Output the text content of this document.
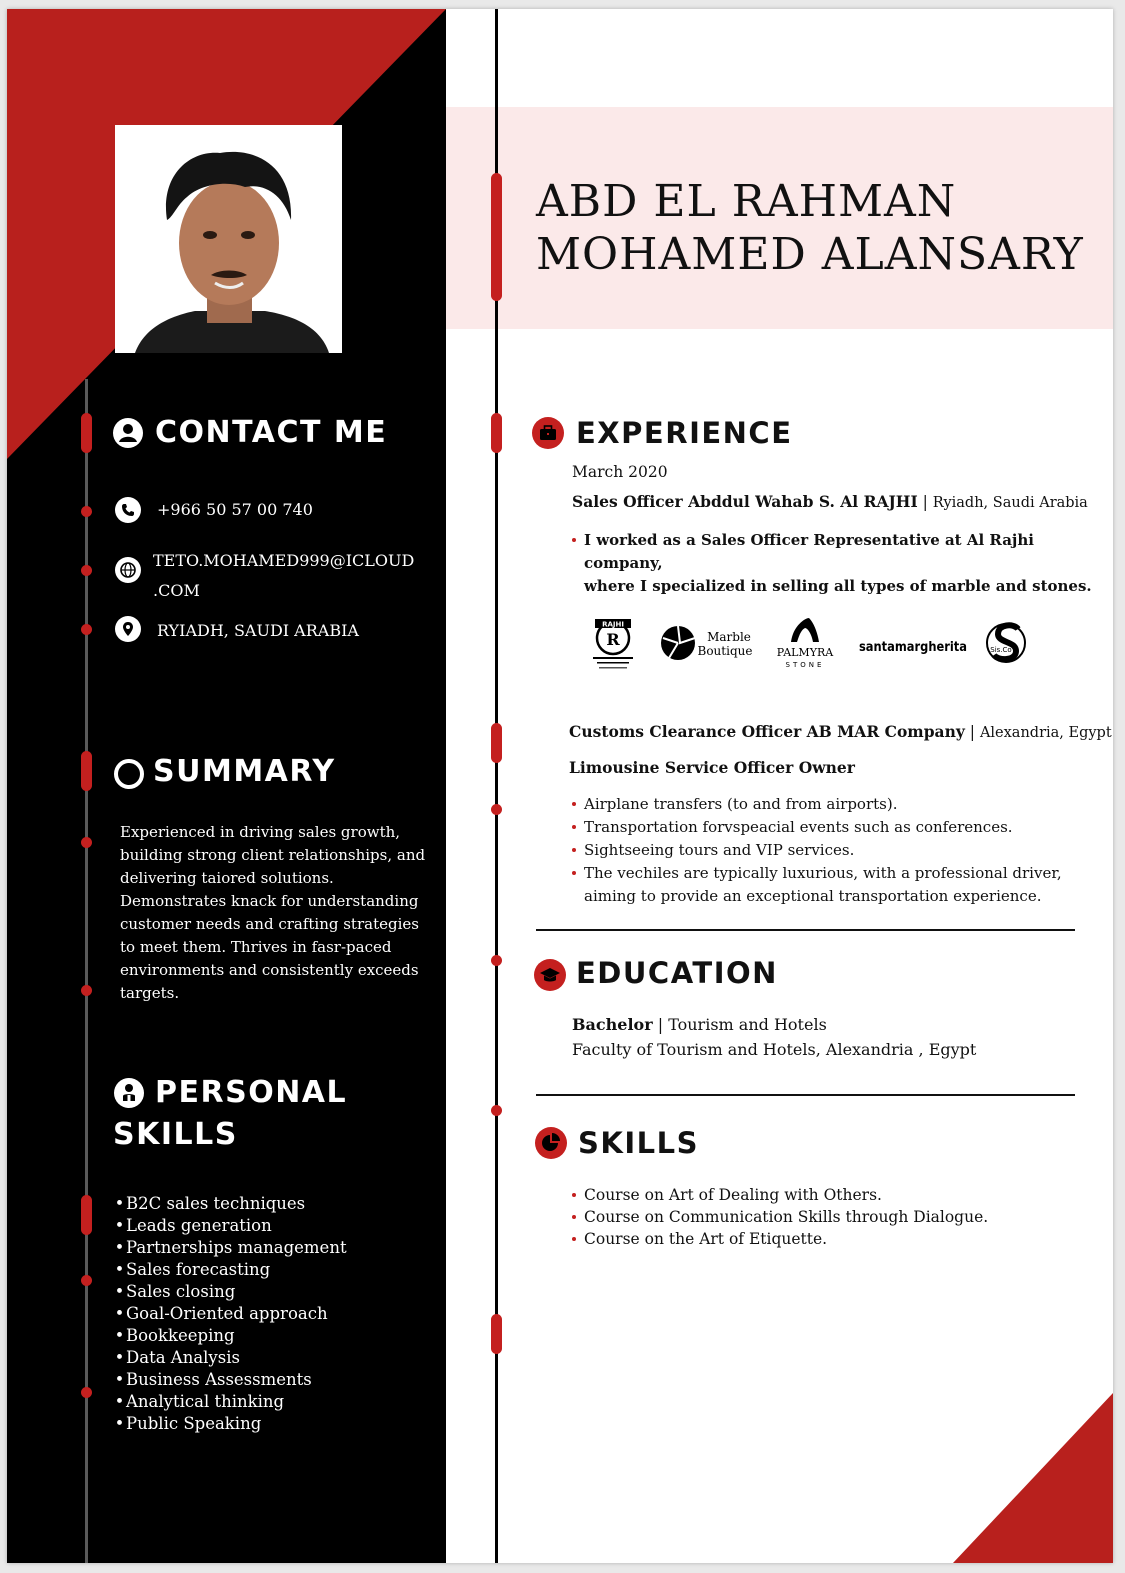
CONTACT ME
+966 50 57 00 740
TETO.MOHAMED999@ICLOUD
.COM
RYIADH, SAUDI ARABIA
SUMMARY
Experienced in driving sales growth, building strong client relationships, and delivering taiored solutions. Demonstrates knack for understanding customer needs and crafting strategies to meet them. Thrives in fasr-paced environments and consistently exceeds targets.
PERSONAL
SKILLS
• B2C sales techniques
• Leads generation
• Partnerships management
• Sales forecasting
• Sales closing
• Goal-Oriented approach
• Bookkeeping
• Data Analysis
• Business Assessments
• Analytical thinking
• Public Speaking
ABD EL RAHMAN
MOHAMED ALANSARY
EXPERIENCE
March 2020
Sales Officer Abddul Wahab S. Al RAJHI | Ryiadh, Saudi Arabia
I worked as a Sales Officer Representative at Al Rajhi company,
where I specialized in selling all types of marble and stones.
RAJHI
R	Marble
Boutique PALMYRA
STONE
santamargherita	Sis.Co
Customs Clearance Officer AB MAR Company | Alexandria, Egypt
Limousine Service Officer Owner
Airplane transfers (to and from airports).
Transportation forvspeacial events such as conferences.
Sightseeing tours and VIP services.
The vechiles are typically luxurious, with a professional driver,
aiming to provide an exceptional transportation experience.
EDUCATION
Bachelor | Tourism and Hotels
Faculty of Tourism and Hotels, Alexandria , Egypt
SKILLS
Course on Art of Dealing with Others.
Course on Communication Skills through Dialogue.
Course on the Art of Etiquette.
